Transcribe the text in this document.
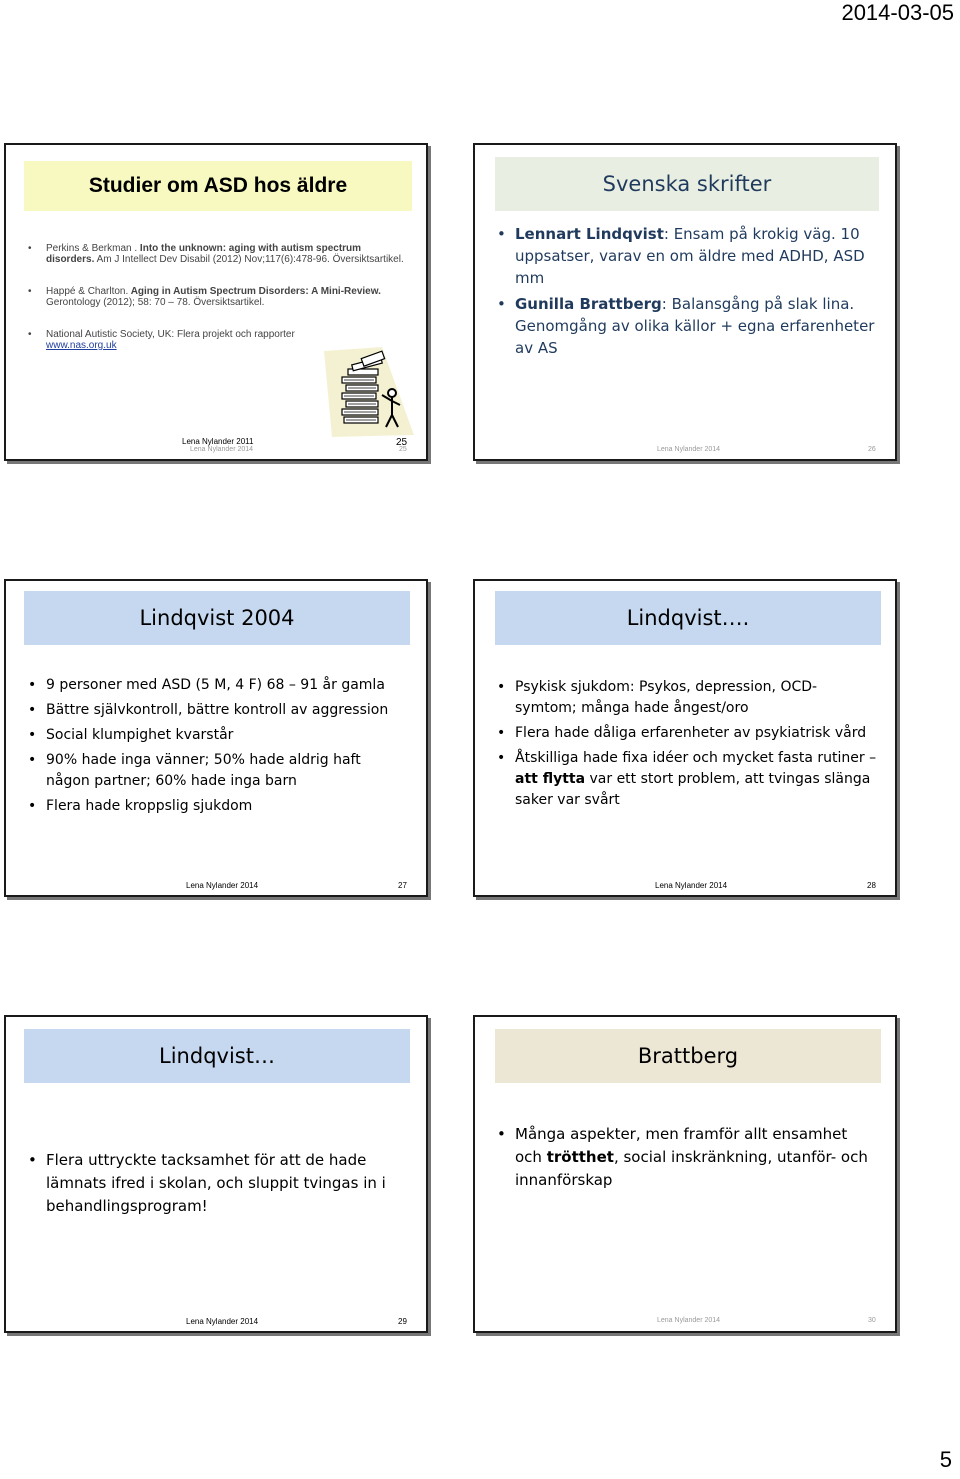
2014-03-05
Studier om ASD hos äldre
• Perkins & Berkman . Into the unknown: aging with autism spectrum disorders. Am J Intellect Dev Disabil (2012) Nov;117(6):478-96. Översiktsartikel.
• Happé & Charlton. Aging in Autism Spectrum Disorders: A Mini-Review. Gerontology (2012); 58: 70 – 78. Översiktsartikel.
• National Autistic Society, UK: Flera projekt och rapporter
www.nas.org.uk
Lena Nylander 2011
Lena Nylander 2014
25
25
Svenska skrifter
• Lennart Lindqvist: Ensam på krokig väg. 10 uppsatser, varav en om äldre med ADHD, ASD mm
• Gunilla Brattberg: Balansgång på slak lina. Genomgång av olika källor + egna erfarenheter av AS
Lena Nylander 2014	26
Lindqvist 2004
• 9 personer med ASD (5 M, 4 F) 68 – 91 år gamla
• Bättre självkontroll, bättre kontroll av aggression
• Social klumpighet kvarstår
• 90% hade inga vänner; 50% hade aldrig haft någon partner; 60% hade inga barn
• Flera hade kroppslig sjukdom
Lena Nylander 2014	27
Lindqvist….
• Psykisk sjukdom: Psykos, depression, OCD-symtom; många hade ångest/oro
• Flera hade dåliga erfarenheter av psykiatrisk vård
• Åtskilliga hade fixa idéer och mycket fasta rutiner – att flytta var ett stort problem, att tvingas slänga saker var svårt
Lena Nylander 2014	28
Lindqvist…
• Flera uttryckte tacksamhet för att de hade lämnats ifred i skolan, och sluppit tvingas in i behandlingsprogram!
Lena Nylander 2014	29
Brattberg
• Många aspekter, men framför allt ensamhet och trötthet, social inskränkning, utanför- och innanförskap
Lena Nylander 2014	30
5
